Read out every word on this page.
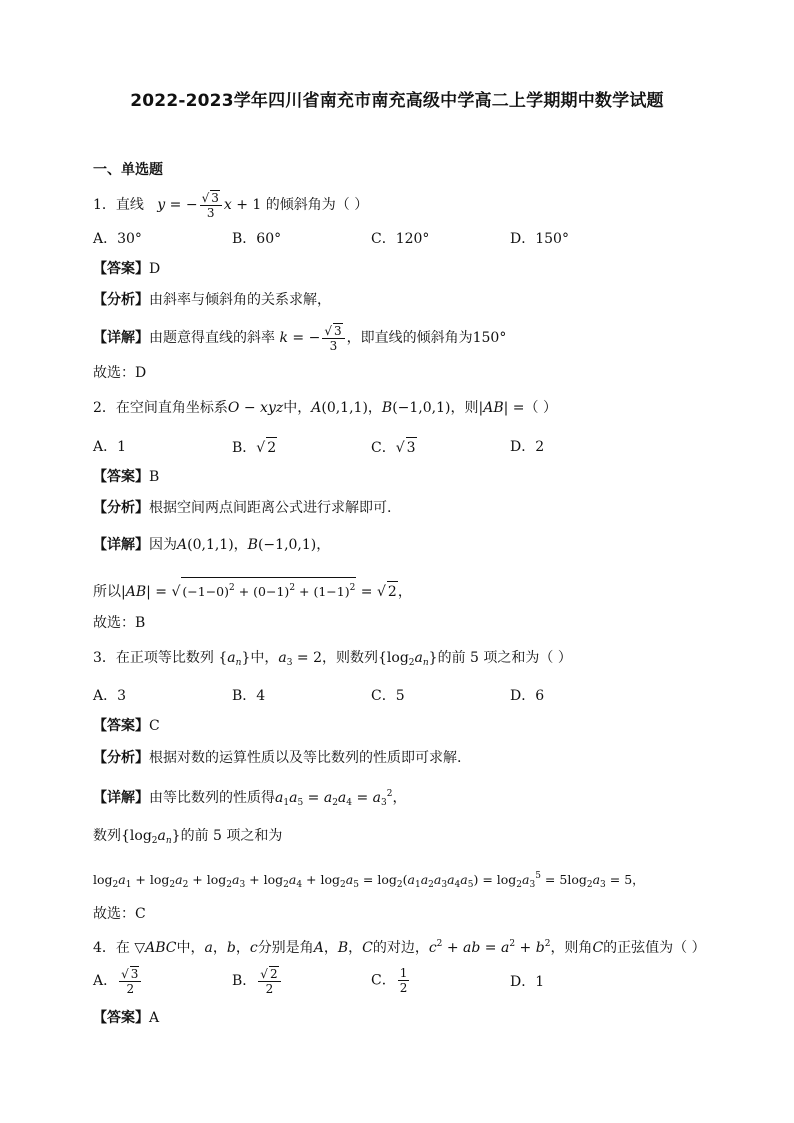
2022-2023学年四川省南充市南充高级中学高二上学期期中数学试题
一、单选题
1．直线   y = − $\frac{√ 3}{3}$ x + 1 的倾斜角为（ ）
A．30°	B．60°	C．120°	D．150°
【答案】D
【分析】由斜率与倾斜角的关系求解，
【详解】由题意得直线的斜率 k = − $\frac{√ 3}{3}$ ，即直线的倾斜角为150°
故选：D
2．在空间直角坐标系O − xyz中，A(0,1,1)，B(−1,0,1)，则|AB| =（ ）
A．1	B．√ 2	C．√ 3	D．2
【答案】B
【分析】根据空间两点间距离公式进行求解即可.
【详解】因为A(0,1,1)，B(−1,0,1)，
所以|AB| = √ $(-1-0)^2 + (0-1)^2 + (1-1)^2$ = √ 2，
故选：B
3．在正项等比数列 $\{a_n\}$中，$a_3 = 2$，则数列$\{\log_2a_n\}$的前 5 项之和为（ ）
A．3	B．4	C．5	D．6
【答案】C
【分析】根据对数的运算性质以及等比数列的性质即可求解.
【详解】由等比数列的性质得$a_1a_5 = a_2a_4 = a_3^2$，
数列$\{\log_2a_n\}$的前 5 项之和为
$\log_2a_1 + \log_2a_2 + \log_2a_3 + \log_2a_4 + \log_2a_5 = \log_2(a_1a_2a_3a_4a_5) = \log_2a_3^5 = 5\log_2a_3 = 5$，
故选：C
4．在 ▽ABC中，a，b，c分别是角A，B，C的对边，$c^2$ + ab = $a^2 + b^2$，则角C的正弦值为（ ）
A． $\frac{√ 3}{2}$	B． $\frac{√ 2}{2}$	C． $\frac{1}{2}$	D．1
【答案】A
